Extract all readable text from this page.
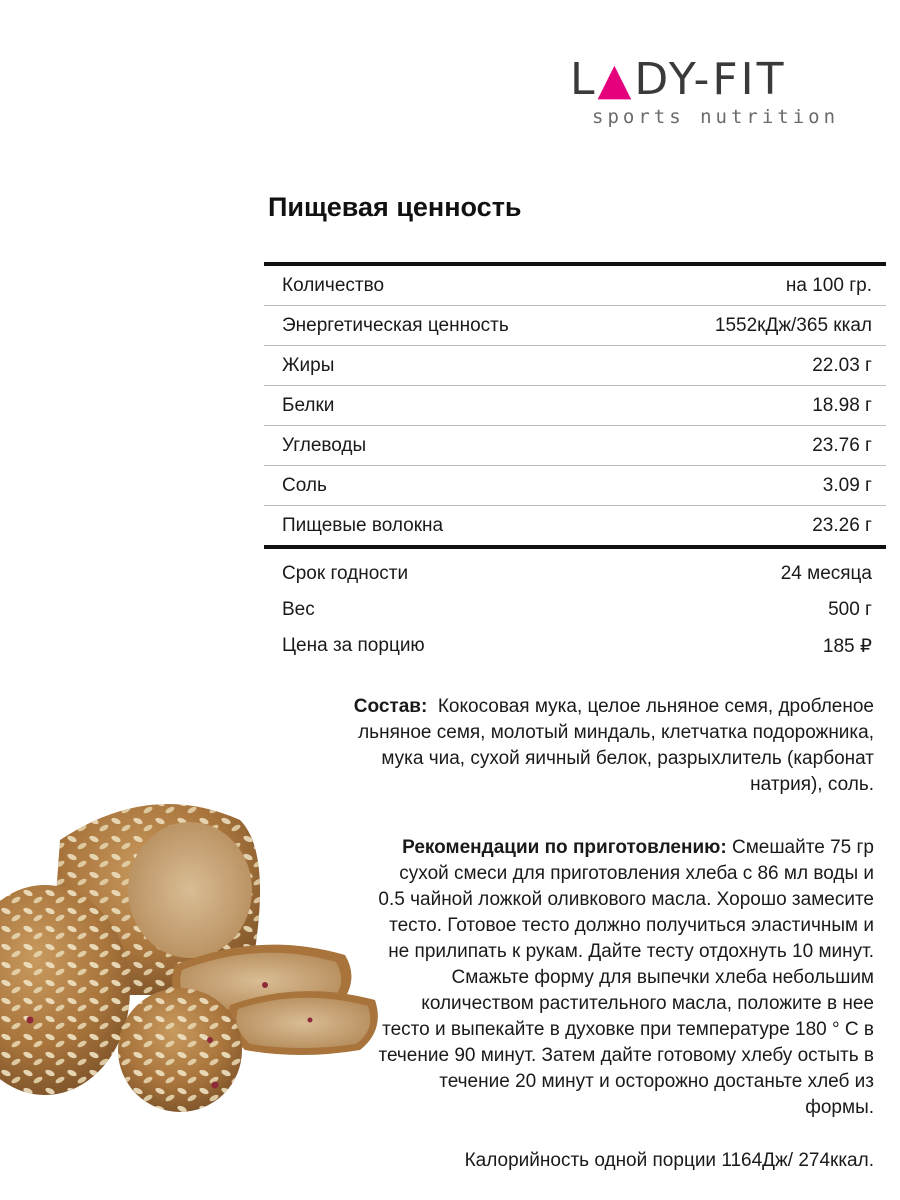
L▲DY-FIT
sports nutrition
Пищевая ценность
Количество	на 100 гр.
Энергетическая ценность	1552кДж/365 ккал
Жиры	22.03 г
Белки	18.98 г
Углеводы	23.76 г
Соль	3.09 г
Пищевые волокна	23.26 г
Срок годности	24 месяца
Вес	500 г
Цена за порцию	185 ₽

Состав: Кокосовая мука, целое льняное семя, дробленое льняное семя, молотый миндаль, клетчатка подорожника, мука чиа, сухой яичный белок, разрыхлитель (карбонат натрия), соль.

Рекомендации по приготовлению: Смешайте 75 гр сухой смеси для приготовления хлеба с 86 мл воды и 0.5 чайной ложкой оливкового масла. Хорошо замесите тесто. Готовое тесто должно получиться эластичным и не прилипать к рукам. Дайте тесту отдохнуть 10 минут. Смажьте форму для выпечки хлеба небольшим количеством растительного масла, положите в нее тесто и выпекайте в духовке при температуре 180 ° С в течение 90 минут. Затем дайте готовому хлебу остыть в течение 20 минут и осторожно достаньте хлеб из формы.

Калорийность одной порции 1164Дж/ 274ккал.
